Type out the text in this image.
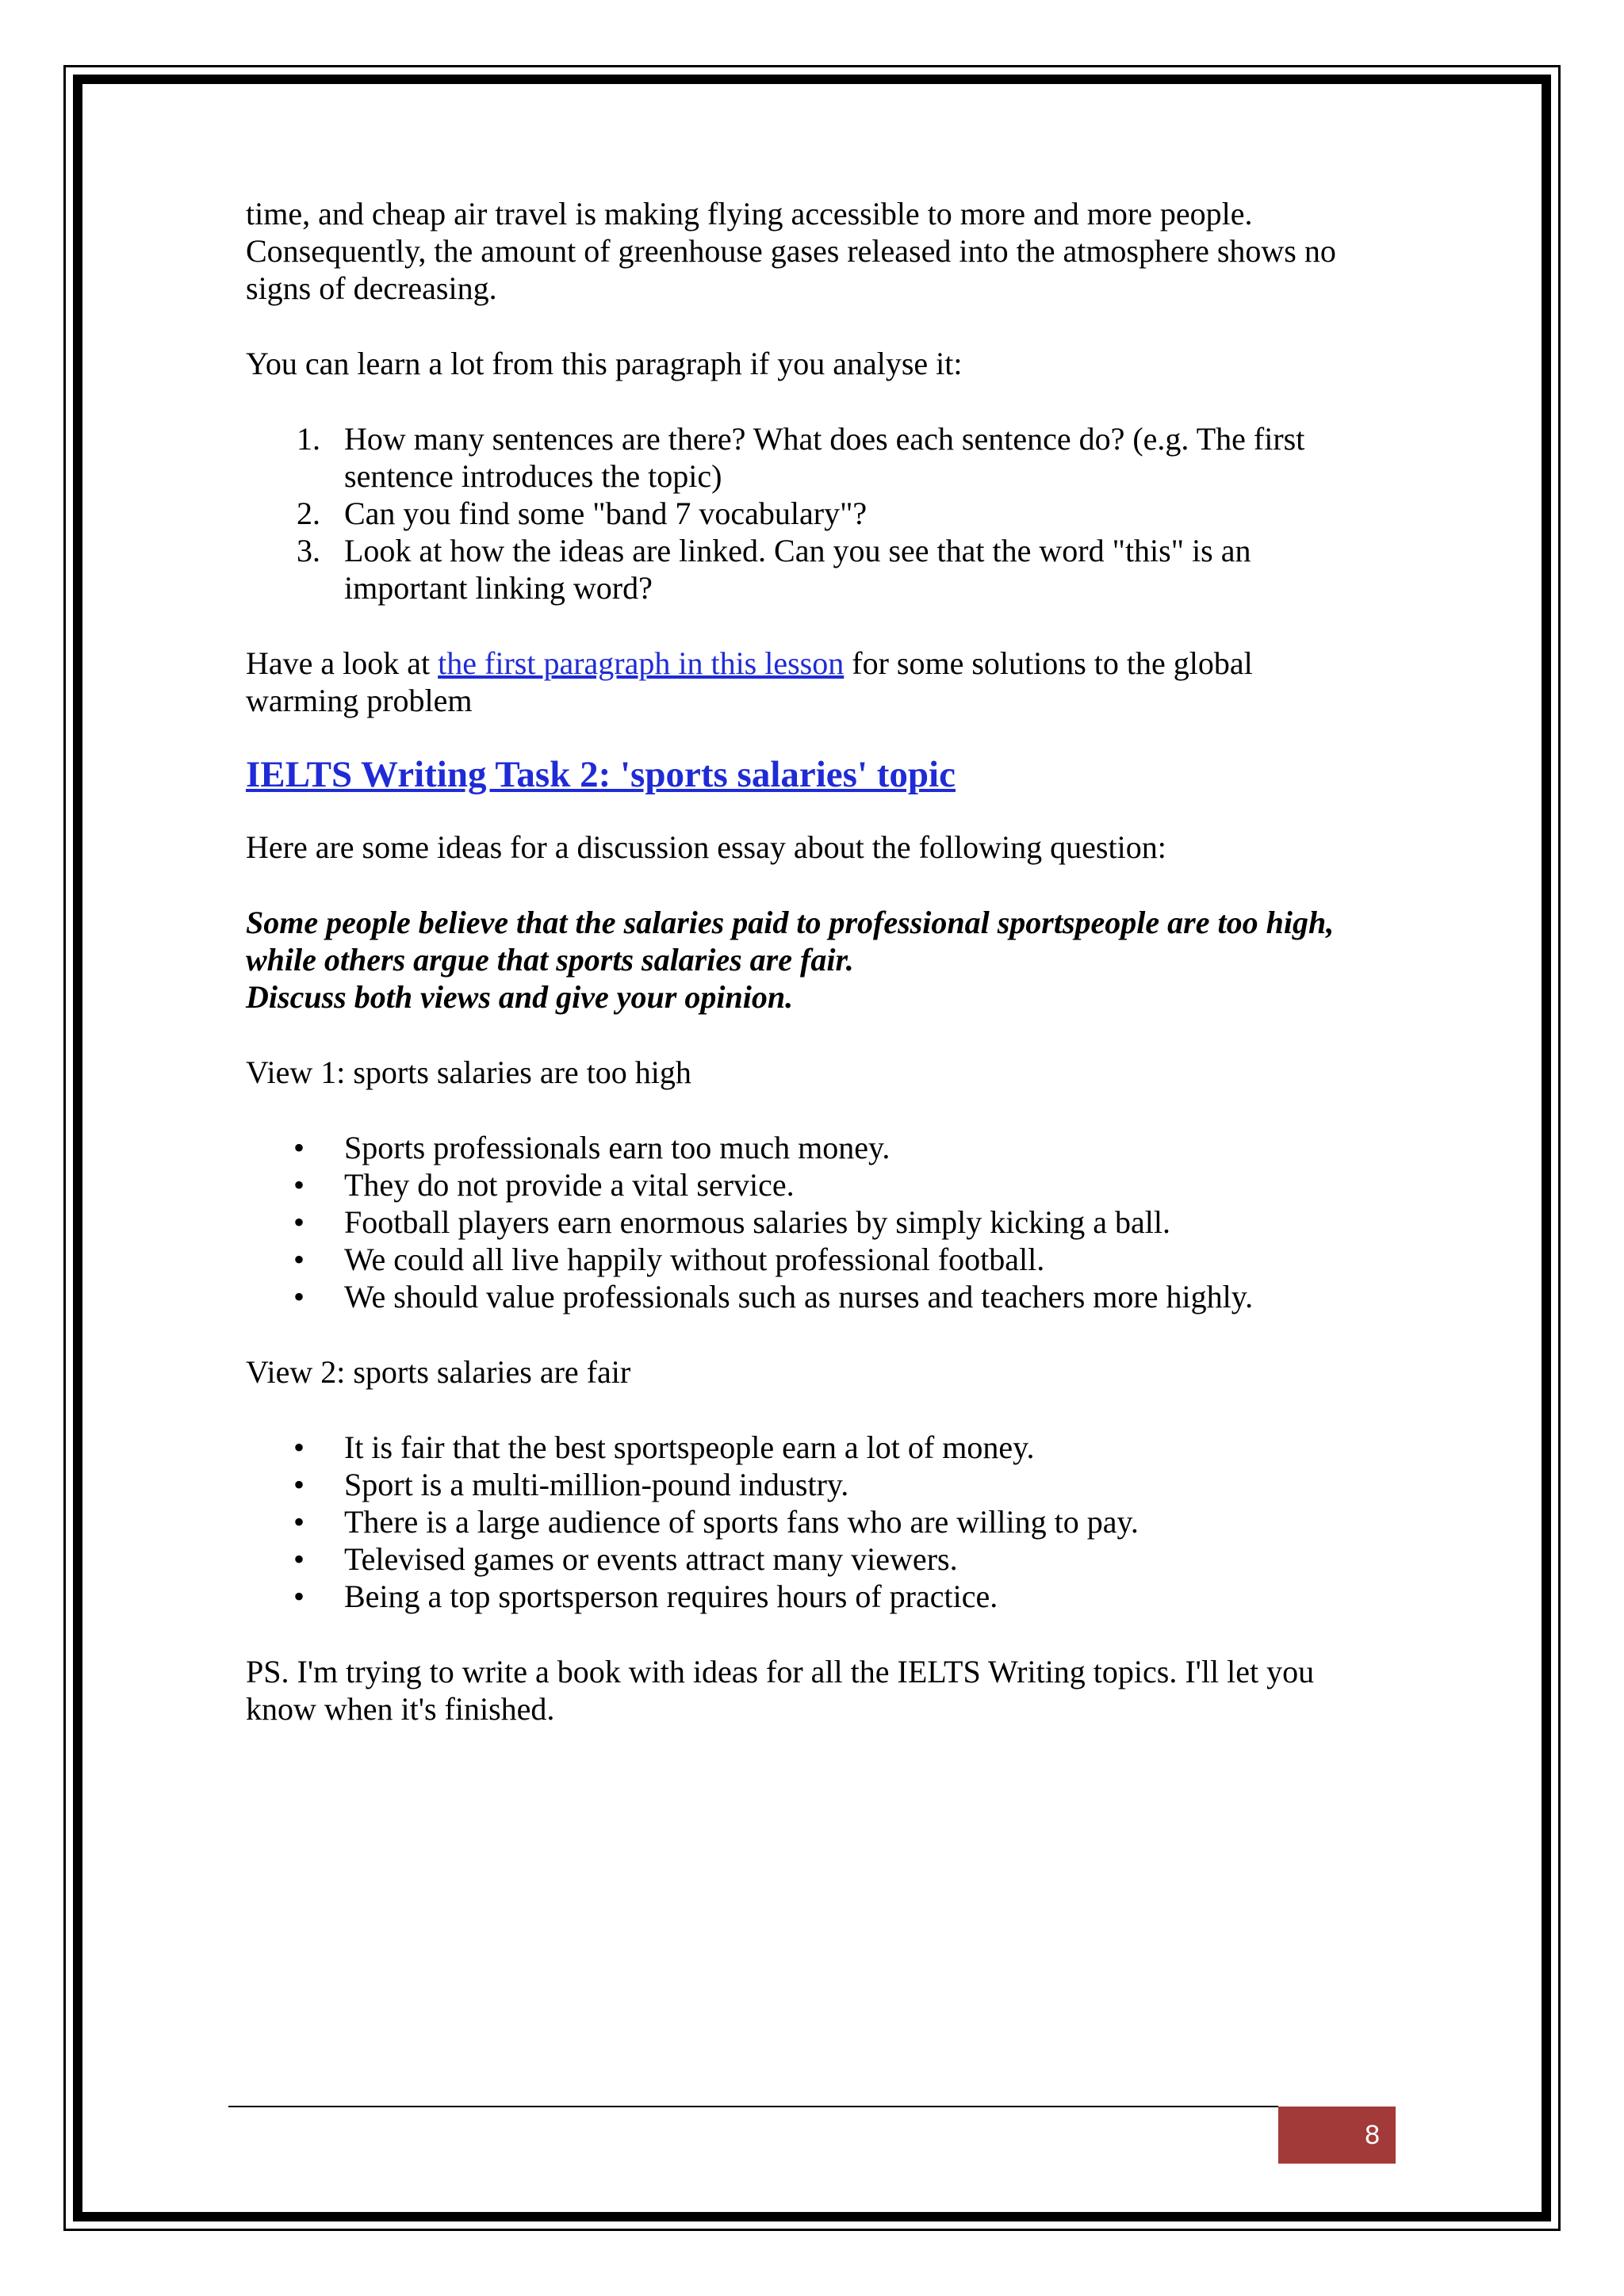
time, and cheap air travel is making flying accessible to more and more people.
Consequently, the amount of greenhouse gases released into the atmosphere shows no
signs of decreasing.

You can learn a lot from this paragraph if you analyse it:

1. How many sentences are there? What does each sentence do? (e.g. The first
sentence introduces the topic)
2. Can you find some "band 7 vocabulary"?
3. Look at how the ideas are linked. Can you see that the word "this" is an
important linking word?

Have a look at the first paragraph in this lesson for some solutions to the global
warming problem

IELTS Writing Task 2: 'sports salaries' topic

Here are some ideas for a discussion essay about the following question:

Some people believe that the salaries paid to professional sportspeople are too high,
while others argue that sports salaries are fair.
Discuss both views and give your opinion.

View 1: sports salaries are too high

• Sports professionals earn too much money.
• They do not provide a vital service.
• Football players earn enormous salaries by simply kicking a ball.
• We could all live happily without professional football.
• We should value professionals such as nurses and teachers more highly.

View 2: sports salaries are fair

• It is fair that the best sportspeople earn a lot of money.
• Sport is a multi-million-pound industry.
• There is a large audience of sports fans who are willing to pay.
• Televised games or events attract many viewers.
• Being a top sportsperson requires hours of practice.

PS. I'm trying to write a book with ideas for all the IELTS Writing topics. I'll let you
know when it's finished.

8
